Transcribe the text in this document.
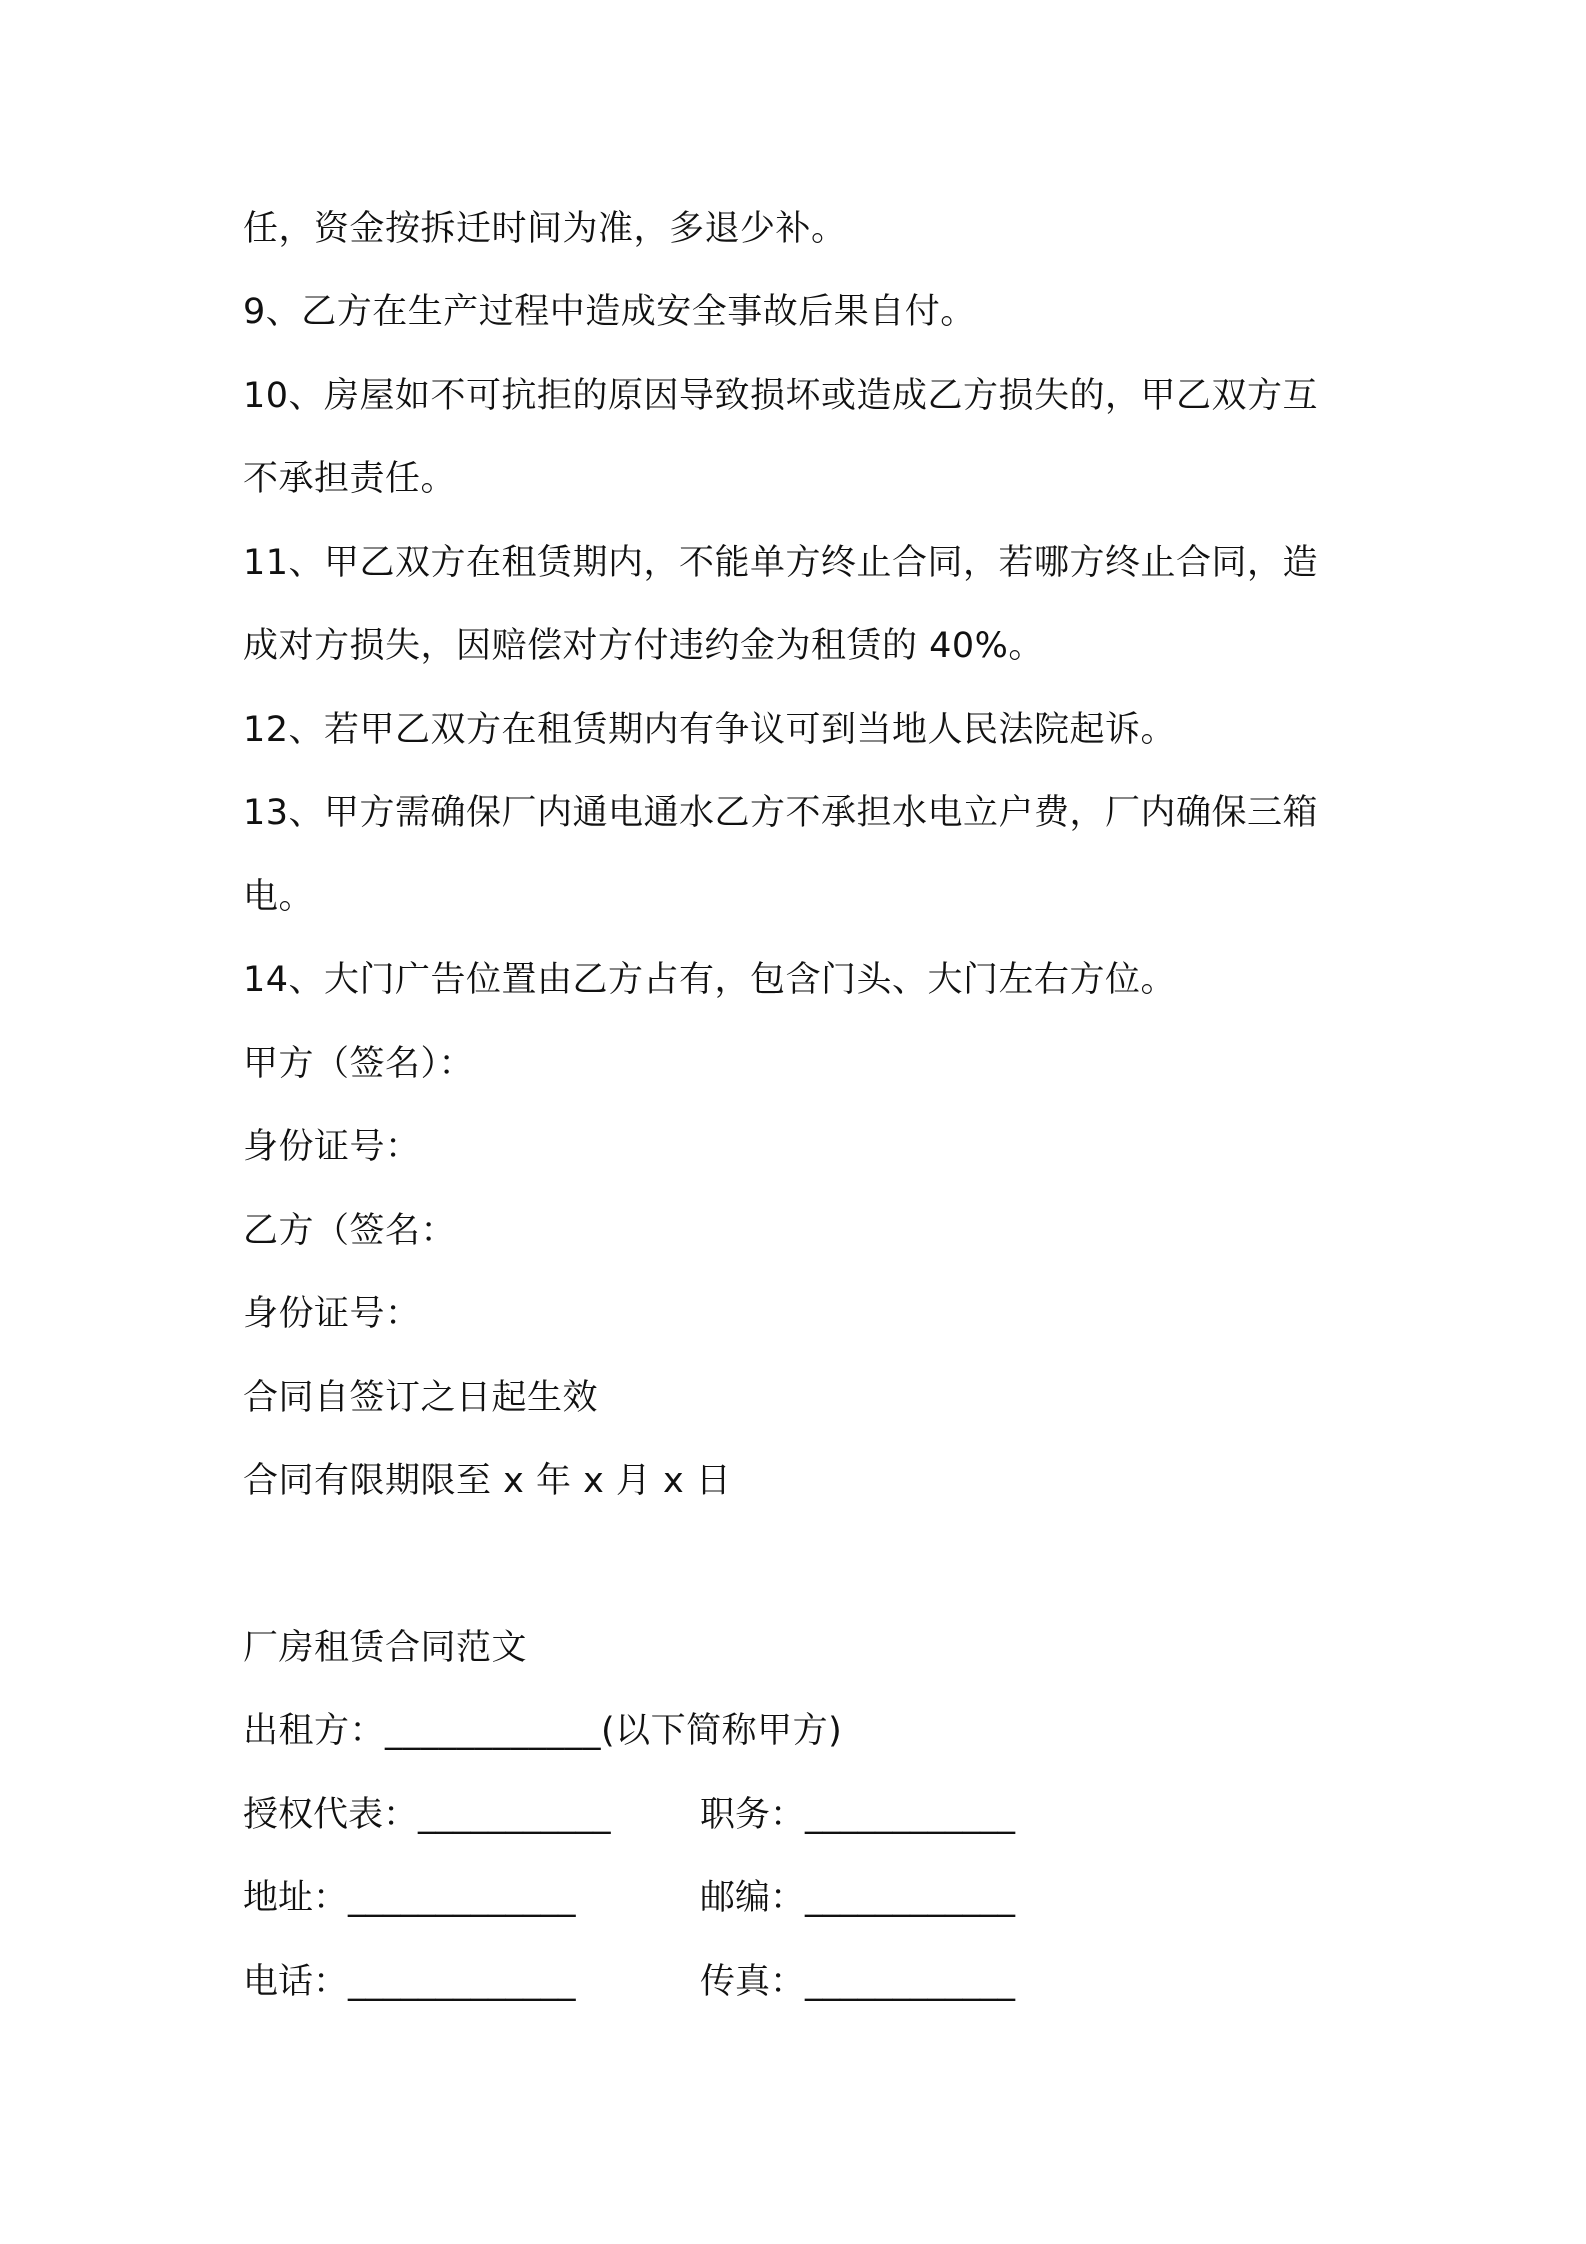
任，资金按拆迁时间为准，多退少补。
9、乙方在生产过程中造成安全事故后果自付。
10、房屋如不可抗拒的原因导致损坏或造成乙方损失的，甲乙双方互
不承担责任。
11、甲乙双方在租赁期内，不能单方终止合同，若哪方终止合同，造
成对方损失，因赔偿对方付违约金为租赁的 40%。
12、若甲乙双方在租赁期内有争议可到当地人民法院起诉。
13、甲方需确保厂内通电通水乙方不承担水电立户费，厂内确保三箱
电。
14、大门广告位置由乙方占有，包含门头、大门左右方位。
甲方（签名）：
身份证号：
乙方（签名：
身份证号：
合同自签订之日起生效
合同有限期限至 x 年 x 月 x 日
厂房租赁合同范文
出租方：____________(以下简称甲方)
授权代表：___________	职务：____________
地址：_____________	邮编：____________
电话：_____________	传真：____________
